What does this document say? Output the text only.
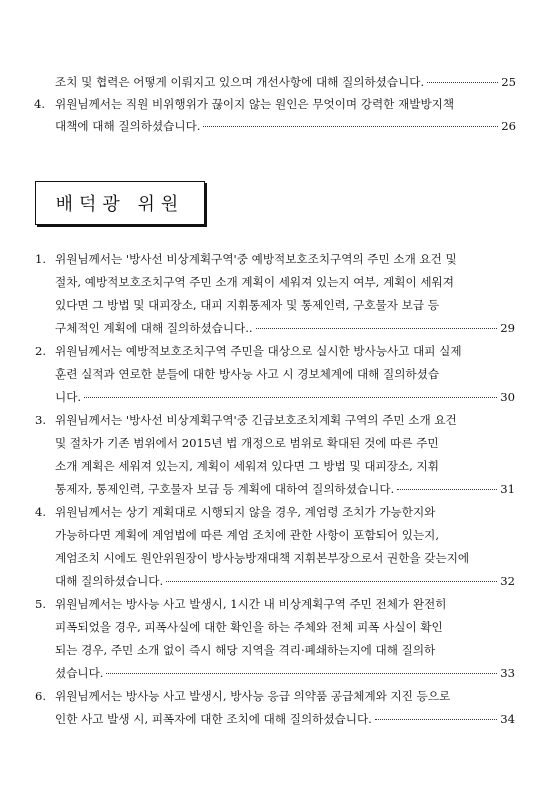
조치 및 협력은 어떻게 이뤄지고 있으며 개선사항에 대해 질의하셨습니다.	25
4. 위원님께서는 직원 비위행위가 끊이지 않는 원인은 무엇이며 강력한 재발방지책
대책에 대해 질의하셨습니다.	26
배덕광 위원
1. 위원님께서는 '방사선 비상계획구역'중 예방적보호조치구역의 주민 소개 요건 및
절차, 예방적보호조치구역 주민 소개 계획이 세워져 있는지 여부, 계획이 세워져
있다면 그 방법 및 대피장소, 대피 지휘통제자 및 통제인력, 구호물자 보급 등
구체적인 계획에 대해 질의하셨습니다..	29
2. 위원님께서는 예방적보호조치구역 주민을 대상으로 실시한 방사능사고 대피 실제
훈련 실적과 연로한 분들에 대한 방사능 사고 시 경보체계에 대해 질의하셨습
니다.	30
3. 위원님께서는 '방사선 비상계획구역'중 긴급보호조치계획 구역의 주민 소개 요건
및 절차가 기존 범위에서 2015년 법 개정으로 범위로 확대된 것에 따른 주민
소개 계획은 세워져 있는지, 계획이 세워져 있다면 그 방법 및 대피장소, 지휘
통제자, 통제인력, 구호물자 보급 등 계획에 대하여 질의하셨습니다.	31
4. 위원님께서는 상기 계획대로 시행되지 않을 경우, 계엄령 조치가 가능한지와
가능하다면 계획에 계엄법에 따른 계엄 조치에 관한 사항이 포함되어 있는지,
계엄조치 시에도 원안위원장이 방사능방재대책 지휘본부장으로서 권한을 갖는지에
대해 질의하셨습니다.	32
5. 위원님께서는 방사능 사고 발생시, 1시간 내 비상계획구역 주민 전체가 완전히
피폭되었을 경우, 피폭사실에 대한 확인을 하는 주체와 전체 피폭 사실이 확인
되는 경우, 주민 소개 없이 즉시 해당 지역을 격리·폐쇄하는지에 대해 질의하
셨습니다.	33
6. 위원님께서는 방사능 사고 발생시, 방사능 응급 의약품 공급체계와 지진 등으로
인한 사고 발생 시, 피폭자에 대한 조치에 대해 질의하셨습니다.	34
